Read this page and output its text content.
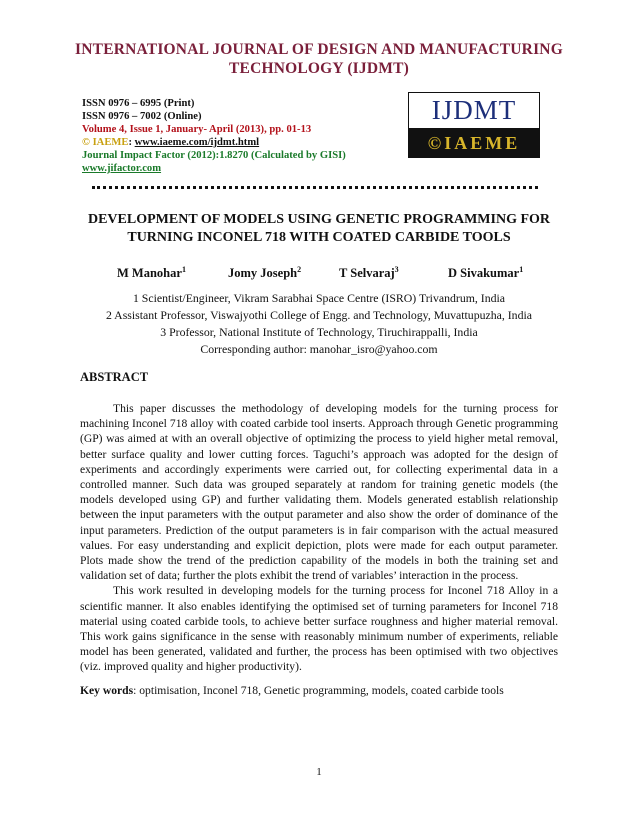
INTERNATIONAL JOURNAL OF DESIGN AND MANUFACTURING TECHNOLOGY (IJDMT)
ISSN 0976 – 6995 (Print)
ISSN 0976 – 7002 (Online)
Volume 4, Issue 1, January- April (2013), pp. 01-13
© IAEME: www.iaeme.com/ijdmt.html
Journal Impact Factor (2012):1.8270 (Calculated by GISI)
www.jifactor.com
IJDMT
©IAEME
DEVELOPMENT OF MODELS USING GENETIC PROGRAMMING FOR TURNING INCONEL 718 WITH COATED CARBIDE TOOLS
M Manohar$^1$	Jomy Joseph$^2$	T Selvaraj$^3$	D Sivakumar$^1$
1 Scientist/Engineer, Vikram Sarabhai Space Centre (ISRO) Trivandrum, India
2 Assistant Professor, Viswajyothi College of Engg. and Technology, Muvattupuzha, India
3 Professor, National Institute of Technology, Tiruchirappalli, India
Corresponding author: manohar_isro@yahoo.com
ABSTRACT

This paper discusses the methodology of developing models for the turning process for machining Inconel 718 alloy with coated carbide tool inserts. Approach through Genetic programming (GP) was aimed at with an overall objective of optimizing the process to yield higher metal removal, better surface quality and lower cutting forces. Taguchi’s approach was adopted for the design of experiments and accordingly experiments were carried out, for collecting experimental data in a controlled manner. Such data was grouped separately at random for training genetic models (the models developed using GP) and further validating them. Models generated establish relationship between the input parameters with the output parameter and also show the order of dominance of the input parameters. Prediction of the output parameters is in fair comparison with the actual measured values. For easy understanding and explicit depiction, plots were made for each output parameter. Plots made show the trend of the prediction capability of the models in both the training set and validation set of data; further the plots exhibit the trend of variables’ interaction in the process.

This work resulted in developing models for the turning process for Inconel 718 Alloy in a scientific manner. It also enables identifying the optimised set of turning parameters for Inconel 718 material using coated carbide tools, to achieve better surface roughness and higher material removal. This work gains significance in the sense with reasonably minimum number of experiments, reliable model has been generated, validated and further, the process has been optimised with two objectives (viz. improved quality and higher productivity).

Key words: optimisation, Inconel 718, Genetic programming, models, coated carbide tools
1
